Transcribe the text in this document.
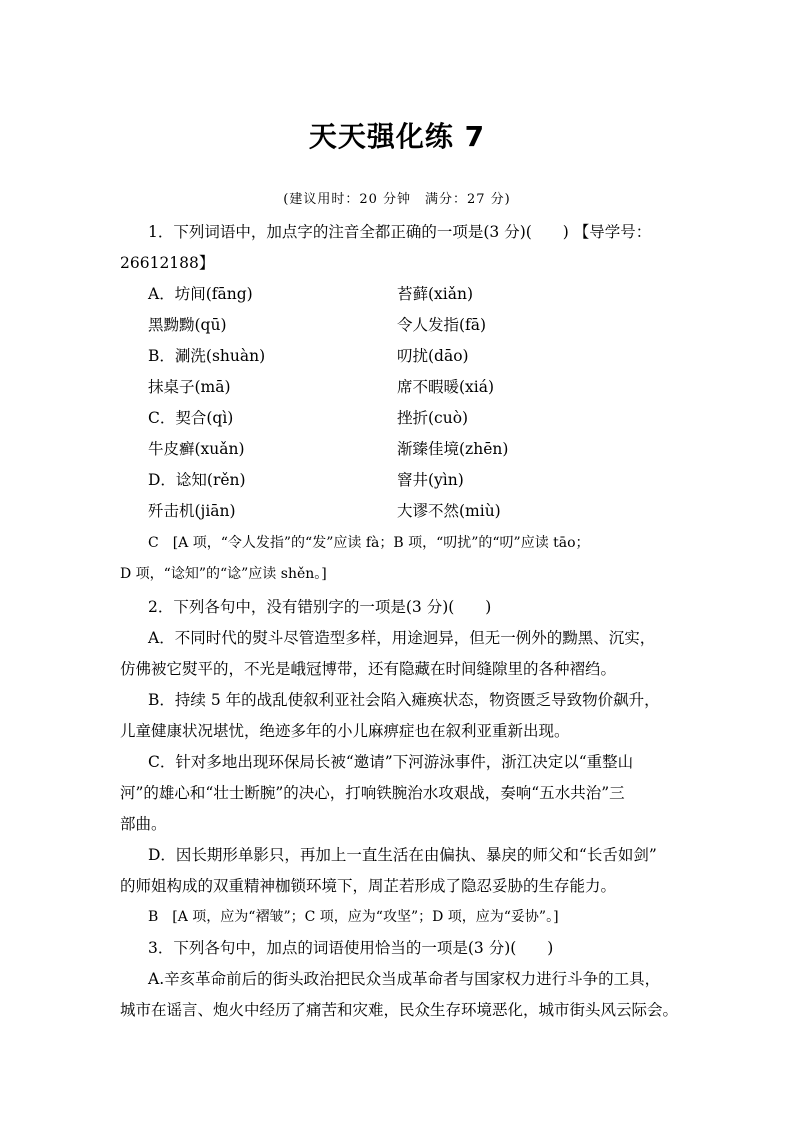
天天强化练 7
(建议用时：20 分钟　满分：27 分)
1．下列词语中，加点字的注音全都正确的一项是(3 分)(　　) 【导学号：
26612188】
A．坊间(fāng)	苔藓(xiǎn)
黑黝黝(qū)	令人发指(fā)
B．涮洗(shuàn)	叨扰(dāo)
抹桌子(mā)	席不暇暖(xiá)
C．契合(qì)	挫折(cuò)
牛皮癣(xuǎn)	渐臻佳境(zhēn)
D．谂知(rěn)	窨井(yìn)
歼击机(jiān)	大谬不然(miù)
C　[A 项，“令人发指”的“发”应读 fà；B 项，“叨扰”的“叨”应读 tāo；
D 项，“谂知”的“谂”应读 shěn。]
2．下列各句中，没有错别字的一项是(3 分)(　　)
A．不同时代的熨斗尽管造型多样，用途迥异，但无一例外的黝黑、沉实，
仿佛被它熨平的，不光是峨冠博带，还有隐藏在时间缝隙里的各种褶绉。
B．持续 5 年的战乱使叙利亚社会陷入瘫痪状态，物资匮乏导致物价飙升，
儿童健康状况堪忧，绝迹多年的小儿麻痹症也在叙利亚重新出现。
C．针对多地出现环保局长被“邀请”下河游泳事件，浙江决定以“重整山
河”的雄心和“壮士断腕”的决心，打响铁腕治水攻艰战，奏响“五水共治”三
部曲。
D．因长期形单影只，再加上一直生活在由偏执、暴戾的师父和“长舌如剑”
的师姐构成的双重精神枷锁环境下，周芷若形成了隐忍妥胁的生存能力。
B　[A 项，应为“褶皱”；C 项，应为“攻坚”；D 项，应为“妥协”。]
3．下列各句中，加点的词语使用恰当的一项是(3 分)(　　)
A.辛亥革命前后的街头政治把民众当成革命者与国家权力进行斗争的工具，
城市在谣言、炮火中经历了痛苦和灾难，民众生存环境恶化，城市街头风云际会。
